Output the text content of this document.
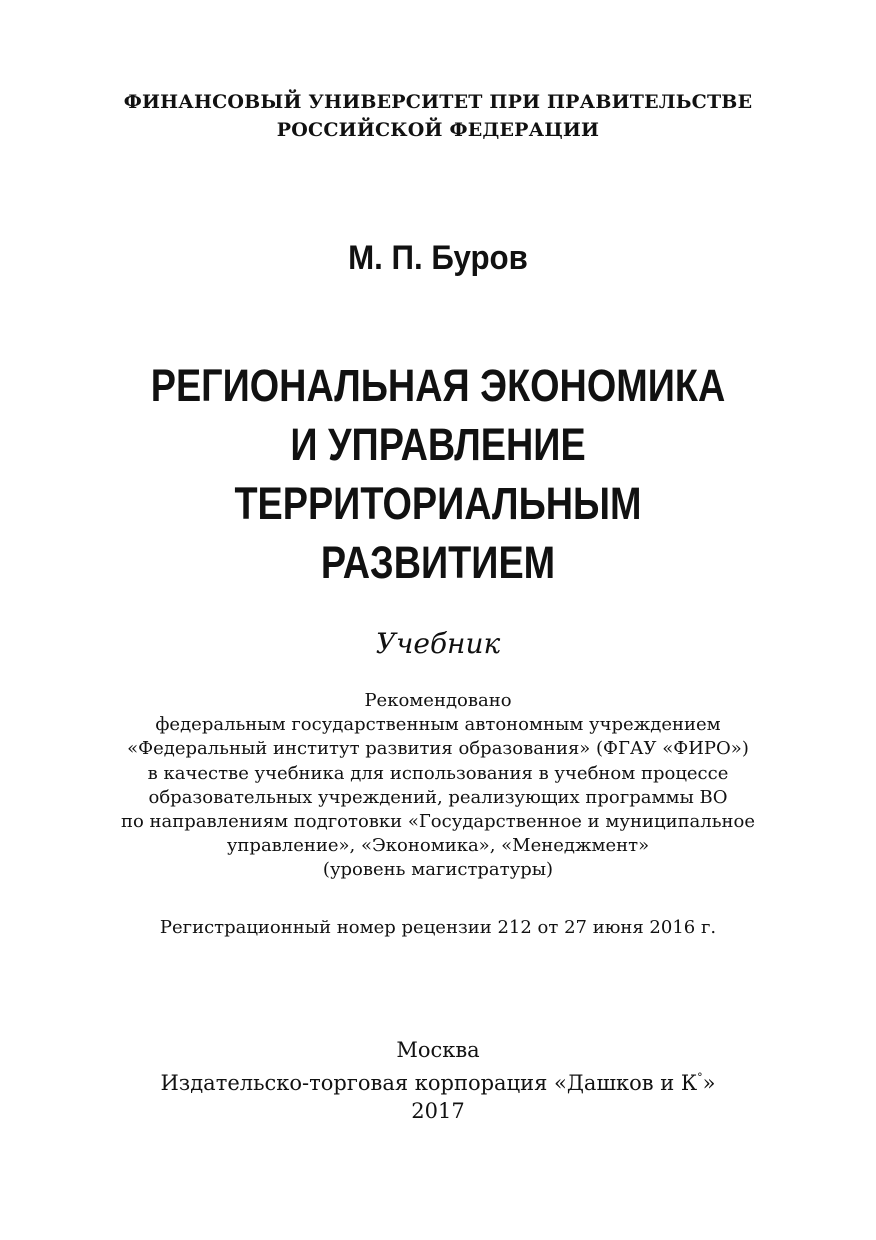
ФИНАНСОВЫЙ УНИВЕРСИТЕТ ПРИ ПРАВИТЕЛЬСТВЕ
РОССИЙСКОЙ ФЕДЕРАЦИИ
М. П. Буров
РЕГИОНАЛЬНАЯ ЭКОНОМИКА
И УПРАВЛЕНИЕ
ТЕРРИТОРИАЛЬНЫМ
РАЗВИТИЕМ
Учебник
Рекомендовано
федеральным государственным автономным учреждением
«Федеральный институт развития образования» (ФГАУ «ФИРО»)
в качестве учебника для использования в учебном процессе
образовательных учреждений, реализующих программы ВО
по направлениям подготовки «Государственное и муниципальное
управление», «Экономика», «Менеджмент»
(уровень магистратуры)
Регистрационный номер рецензии 212 от 27 июня 2016 г.
Москва
Издательско-торговая корпорация «Дашков и К°»
2017
